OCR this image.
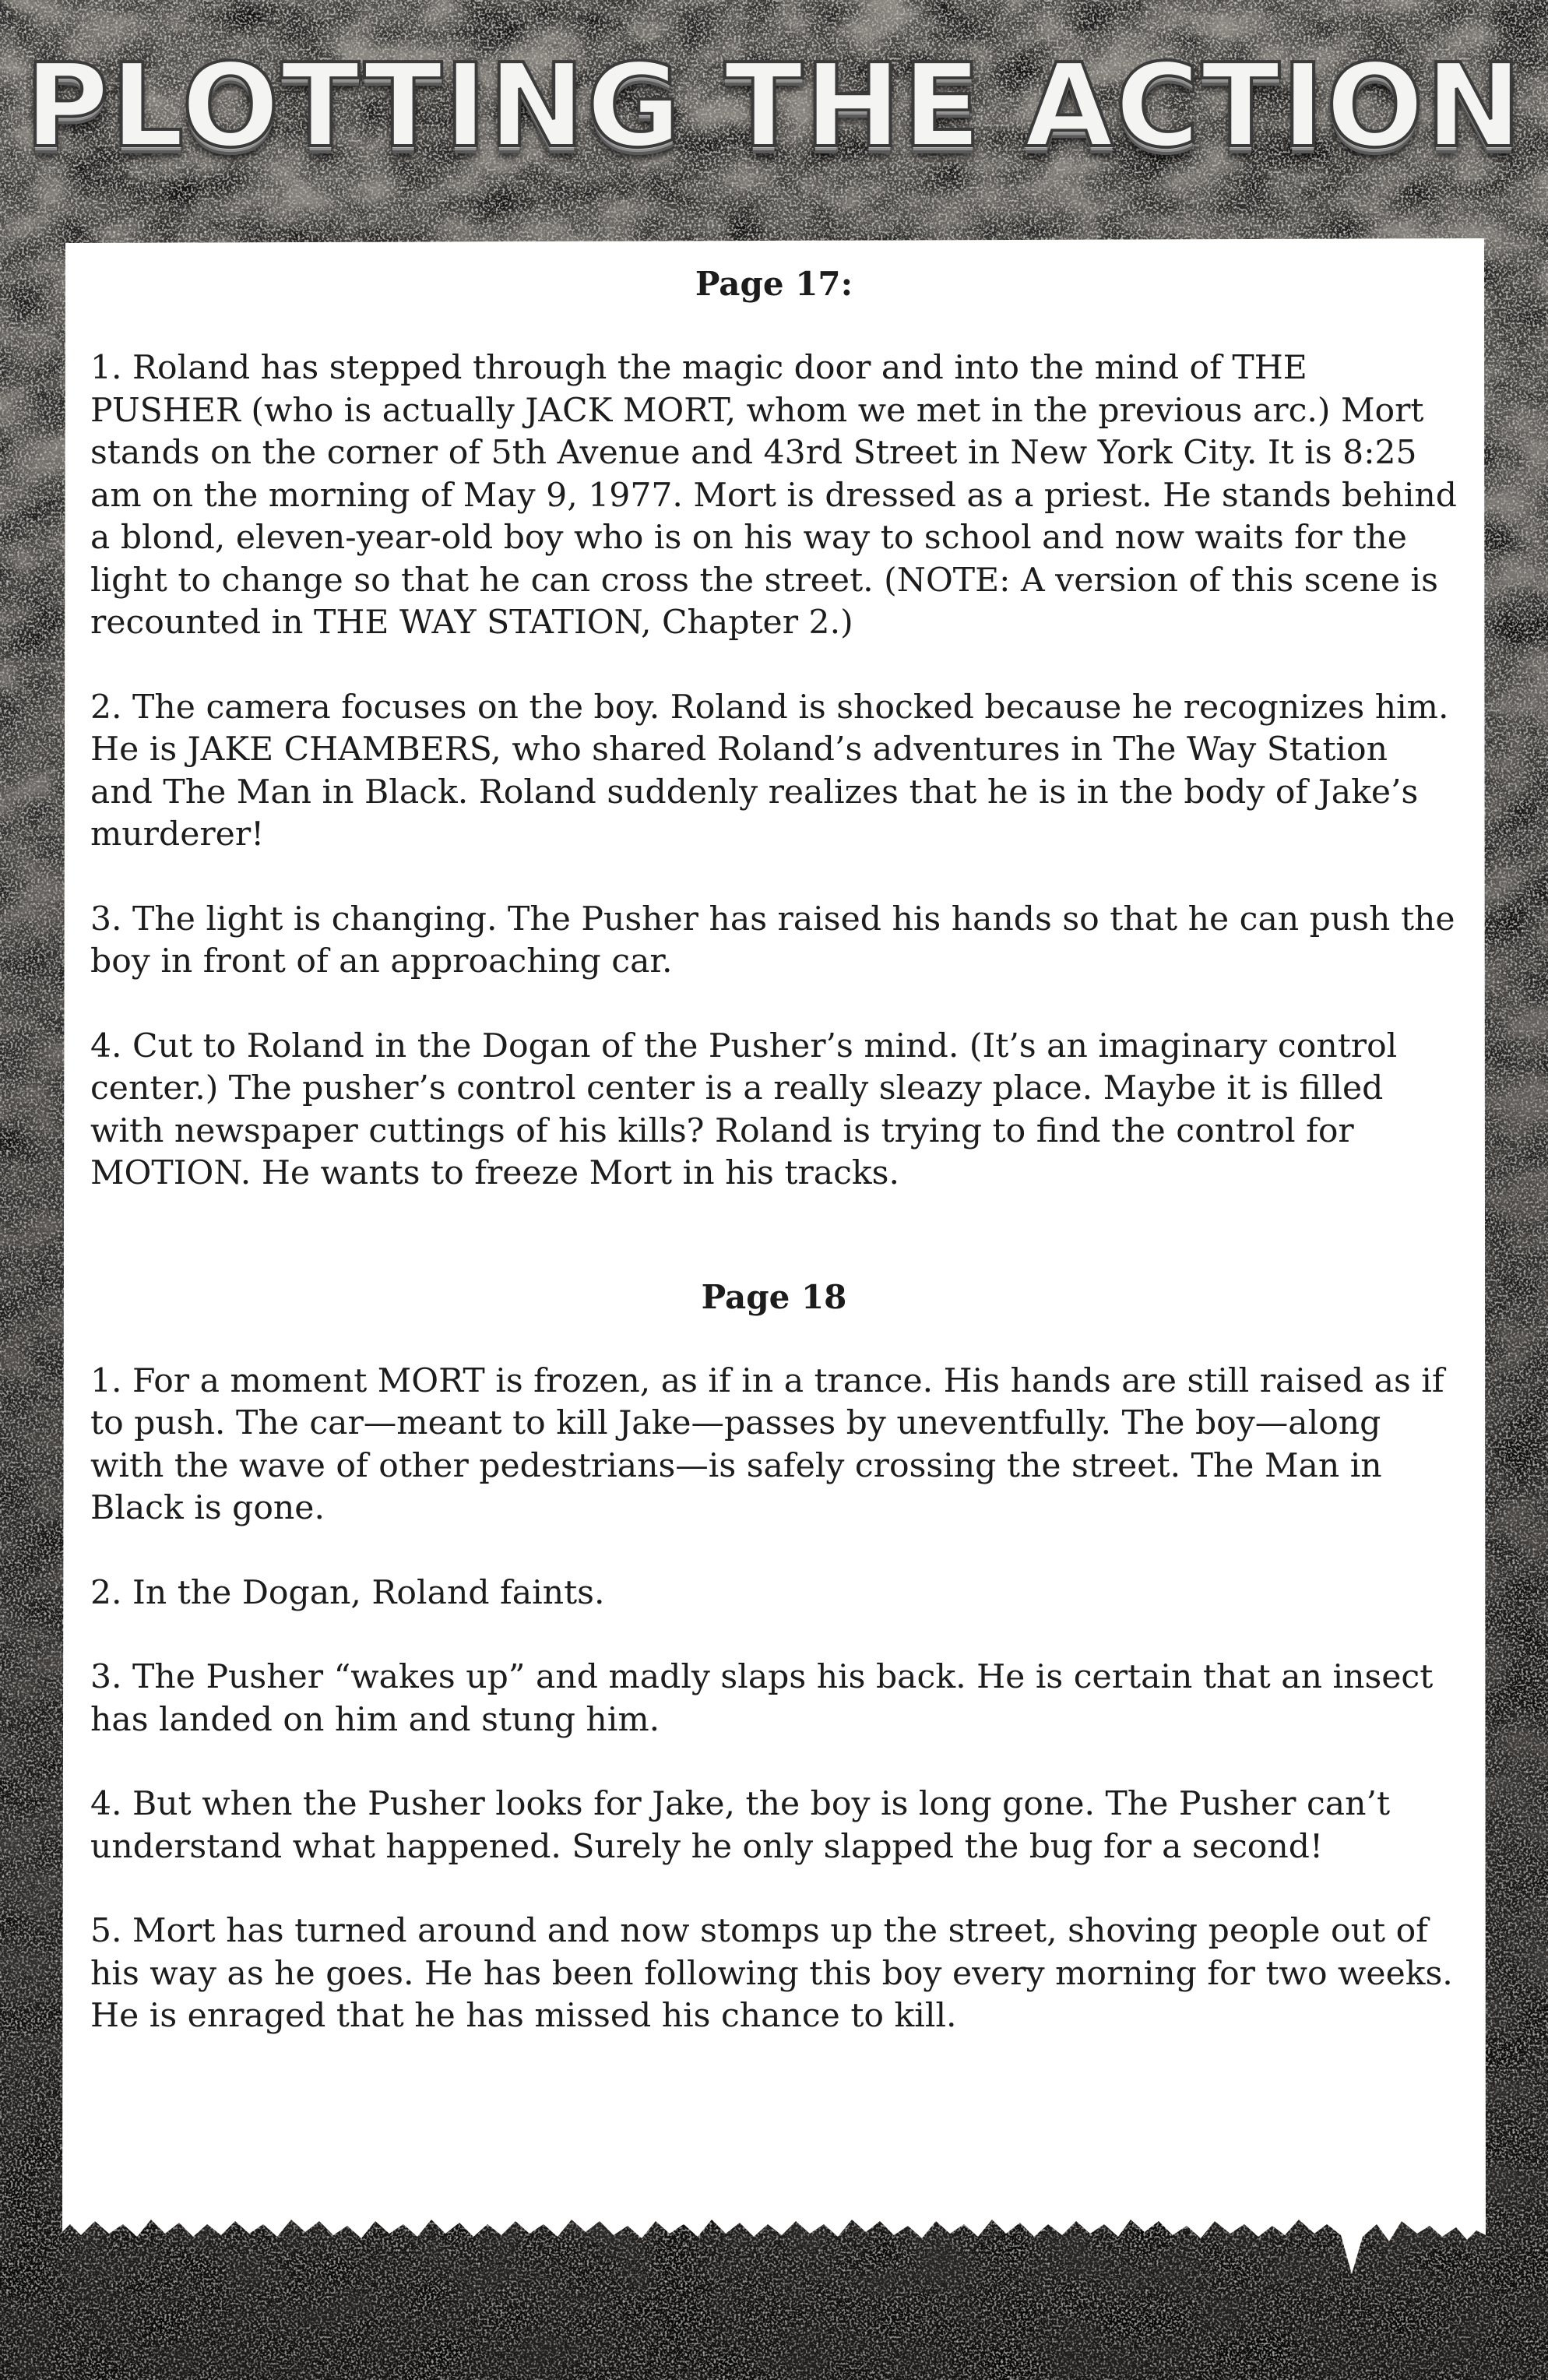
PLOTTING THE ACTION

Page 17:

1. Roland has stepped through the magic door and into the mind of THE PUSHER (who is actually JACK MORT, whom we met in the previous arc.) Mort stands on the corner of 5th Avenue and 43rd Street in New York City. It is 8:25 am on the morning of May 9, 1977. Mort is dressed as a priest. He stands behind a blond, eleven-year-old boy who is on his way to school and now waits for the light to change so that he can cross the street. (NOTE: A version of this scene is recounted in THE WAY STATION, Chapter 2.)

2. The camera focuses on the boy. Roland is shocked because he recognizes him. He is JAKE CHAMBERS, who shared Roland’s adventures in The Way Station and The Man in Black. Roland suddenly realizes that he is in the body of Jake’s murderer!

3. The light is changing. The Pusher has raised his hands so that he can push the boy in front of an approaching car.

4. Cut to Roland in the Dogan of the Pusher’s mind. (It’s an imaginary control center.) The pusher’s control center is a really sleazy place. Maybe it is filled with newspaper cuttings of his kills? Roland is trying to find the control for MOTION. He wants to freeze Mort in his tracks.

Page 18

1. For a moment MORT is frozen, as if in a trance. His hands are still raised as if to push. The car—meant to kill Jake—passes by uneventfully. The boy—along with the wave of other pedestrians—is safely crossing the street. The Man in Black is gone.

2. In the Dogan, Roland faints.

3. The Pusher “wakes up” and madly slaps his back. He is certain that an insect has landed on him and stung him.

4. But when the Pusher looks for Jake, the boy is long gone. The Pusher can’t understand what happened. Surely he only slapped the bug for a second!

5. Mort has turned around and now stomps up the street, shoving people out of his way as he goes. He has been following this boy every morning for two weeks. He is enraged that he has missed his chance to kill.
